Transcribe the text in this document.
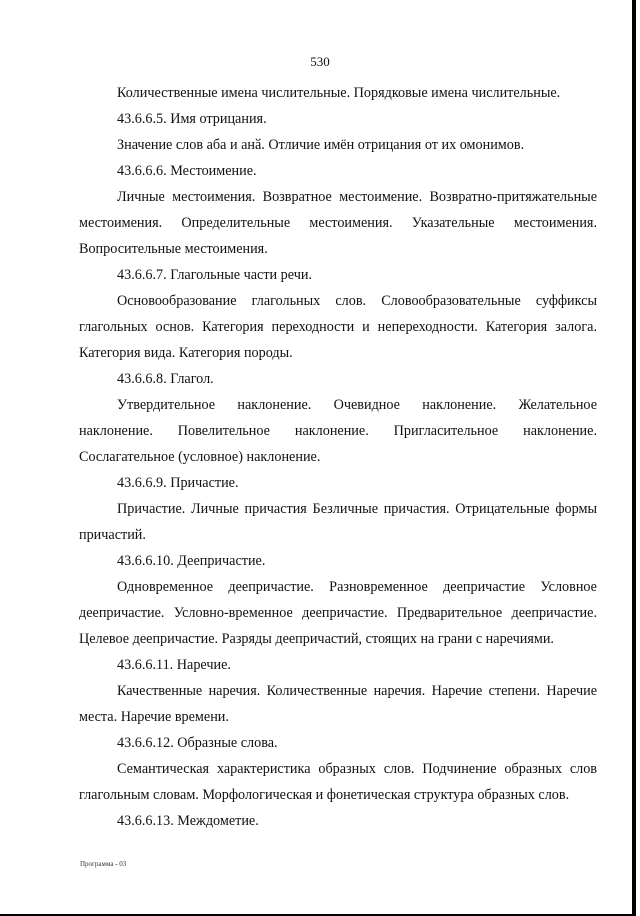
530

Количественные имена числительные. Порядковые имена числительные.

43.6.6.5. Имя отрицания.

Значение слов аба и анӑ. Отличие имён отрицания от их омонимов.

43.6.6.6. Местоимение.

Личные местоимения. Возвратное местоимение. Возвратно-притяжательные местоимения. Определительные местоимения. Указательные местоимения. Вопросительные местоимения.

43.6.6.7. Глагольные части речи.

Основообразование глагольных слов. Словообразовательные суффиксы глагольных основ. Категория переходности и непереходности. Категория залога. Категория вида. Категория породы.

43.6.6.8. Глагол.

Утвердительное наклонение. Очевидное наклонение. Желательное наклонение. Повелительное наклонение. Пригласительное наклонение. Сослагательное (условное) наклонение.

43.6.6.9. Причастие.

Причастие. Личные причастия Безличные причастия. Отрицательные формы причастий.

43.6.6.10. Деепричастие.

Одновременное деепричастие. Разновременное деепричастие Условное деепричастие. Условно-временное деепричастие. Предварительное деепричастие. Целевое деепричастие. Разряды деепричастий, стоящих на грани с наречиями.

43.6.6.11. Наречие.

Качественные наречия. Количественные наречия. Наречие степени. Наречие места. Наречие времени.

43.6.6.12. Образные слова.

Семантическая характеристика образных слов. Подчинение образных слов глагольным словам. Морфологическая и фонетическая структура образных слов.

43.6.6.13. Междометие.

Программа - 03
